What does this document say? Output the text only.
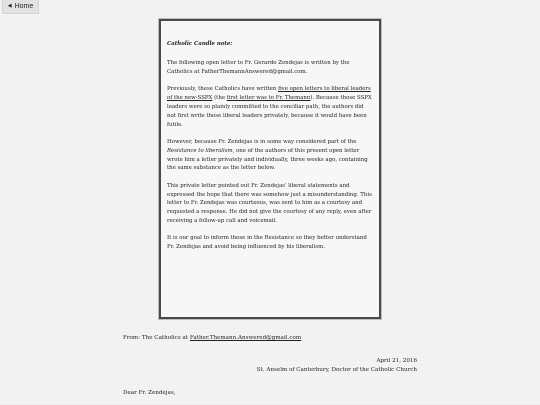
◀ Home

Catholic Candle note:

The following open letter to Fr. Gerardo Zendejas is written by the Catholics at FatherThemannAnswered@gmail.com.

Previously, these Catholics have written five open letters to liberal leaders of the new-SSPX (the first letter was to Fr. Themann). Because those SSPX leaders were so plainly committed to the conciliar path, the authors did not first write those liberal leaders privately, because it would have been futile.

However, because Fr. Zendejas is in some way considered part of the Resistance to liberalism, one of the authors of this present open letter wrote him a letter privately and individually, three weeks ago, containing the same substance as the letter below.

This private letter pointed out Fr. Zendejas' liberal statements and expressed the hope that there was somehow just a misunderstanding. This letter to Fr. Zendejas was courteous, was sent to him as a courtesy and requested a response. He did not give the courtesy of any reply, even after receiving a follow-up call and voicemail.

It is our goal to inform those in the Resistance so they better understand Fr. Zendejas and avoid being influenced by his liberalism.

From: The Catholics at Father.Themann.Answered@gmail.com
April 21, 2016
St. Anselm of Canterbury, Doctor of the Catholic Church
Dear Fr. Zendejas,
